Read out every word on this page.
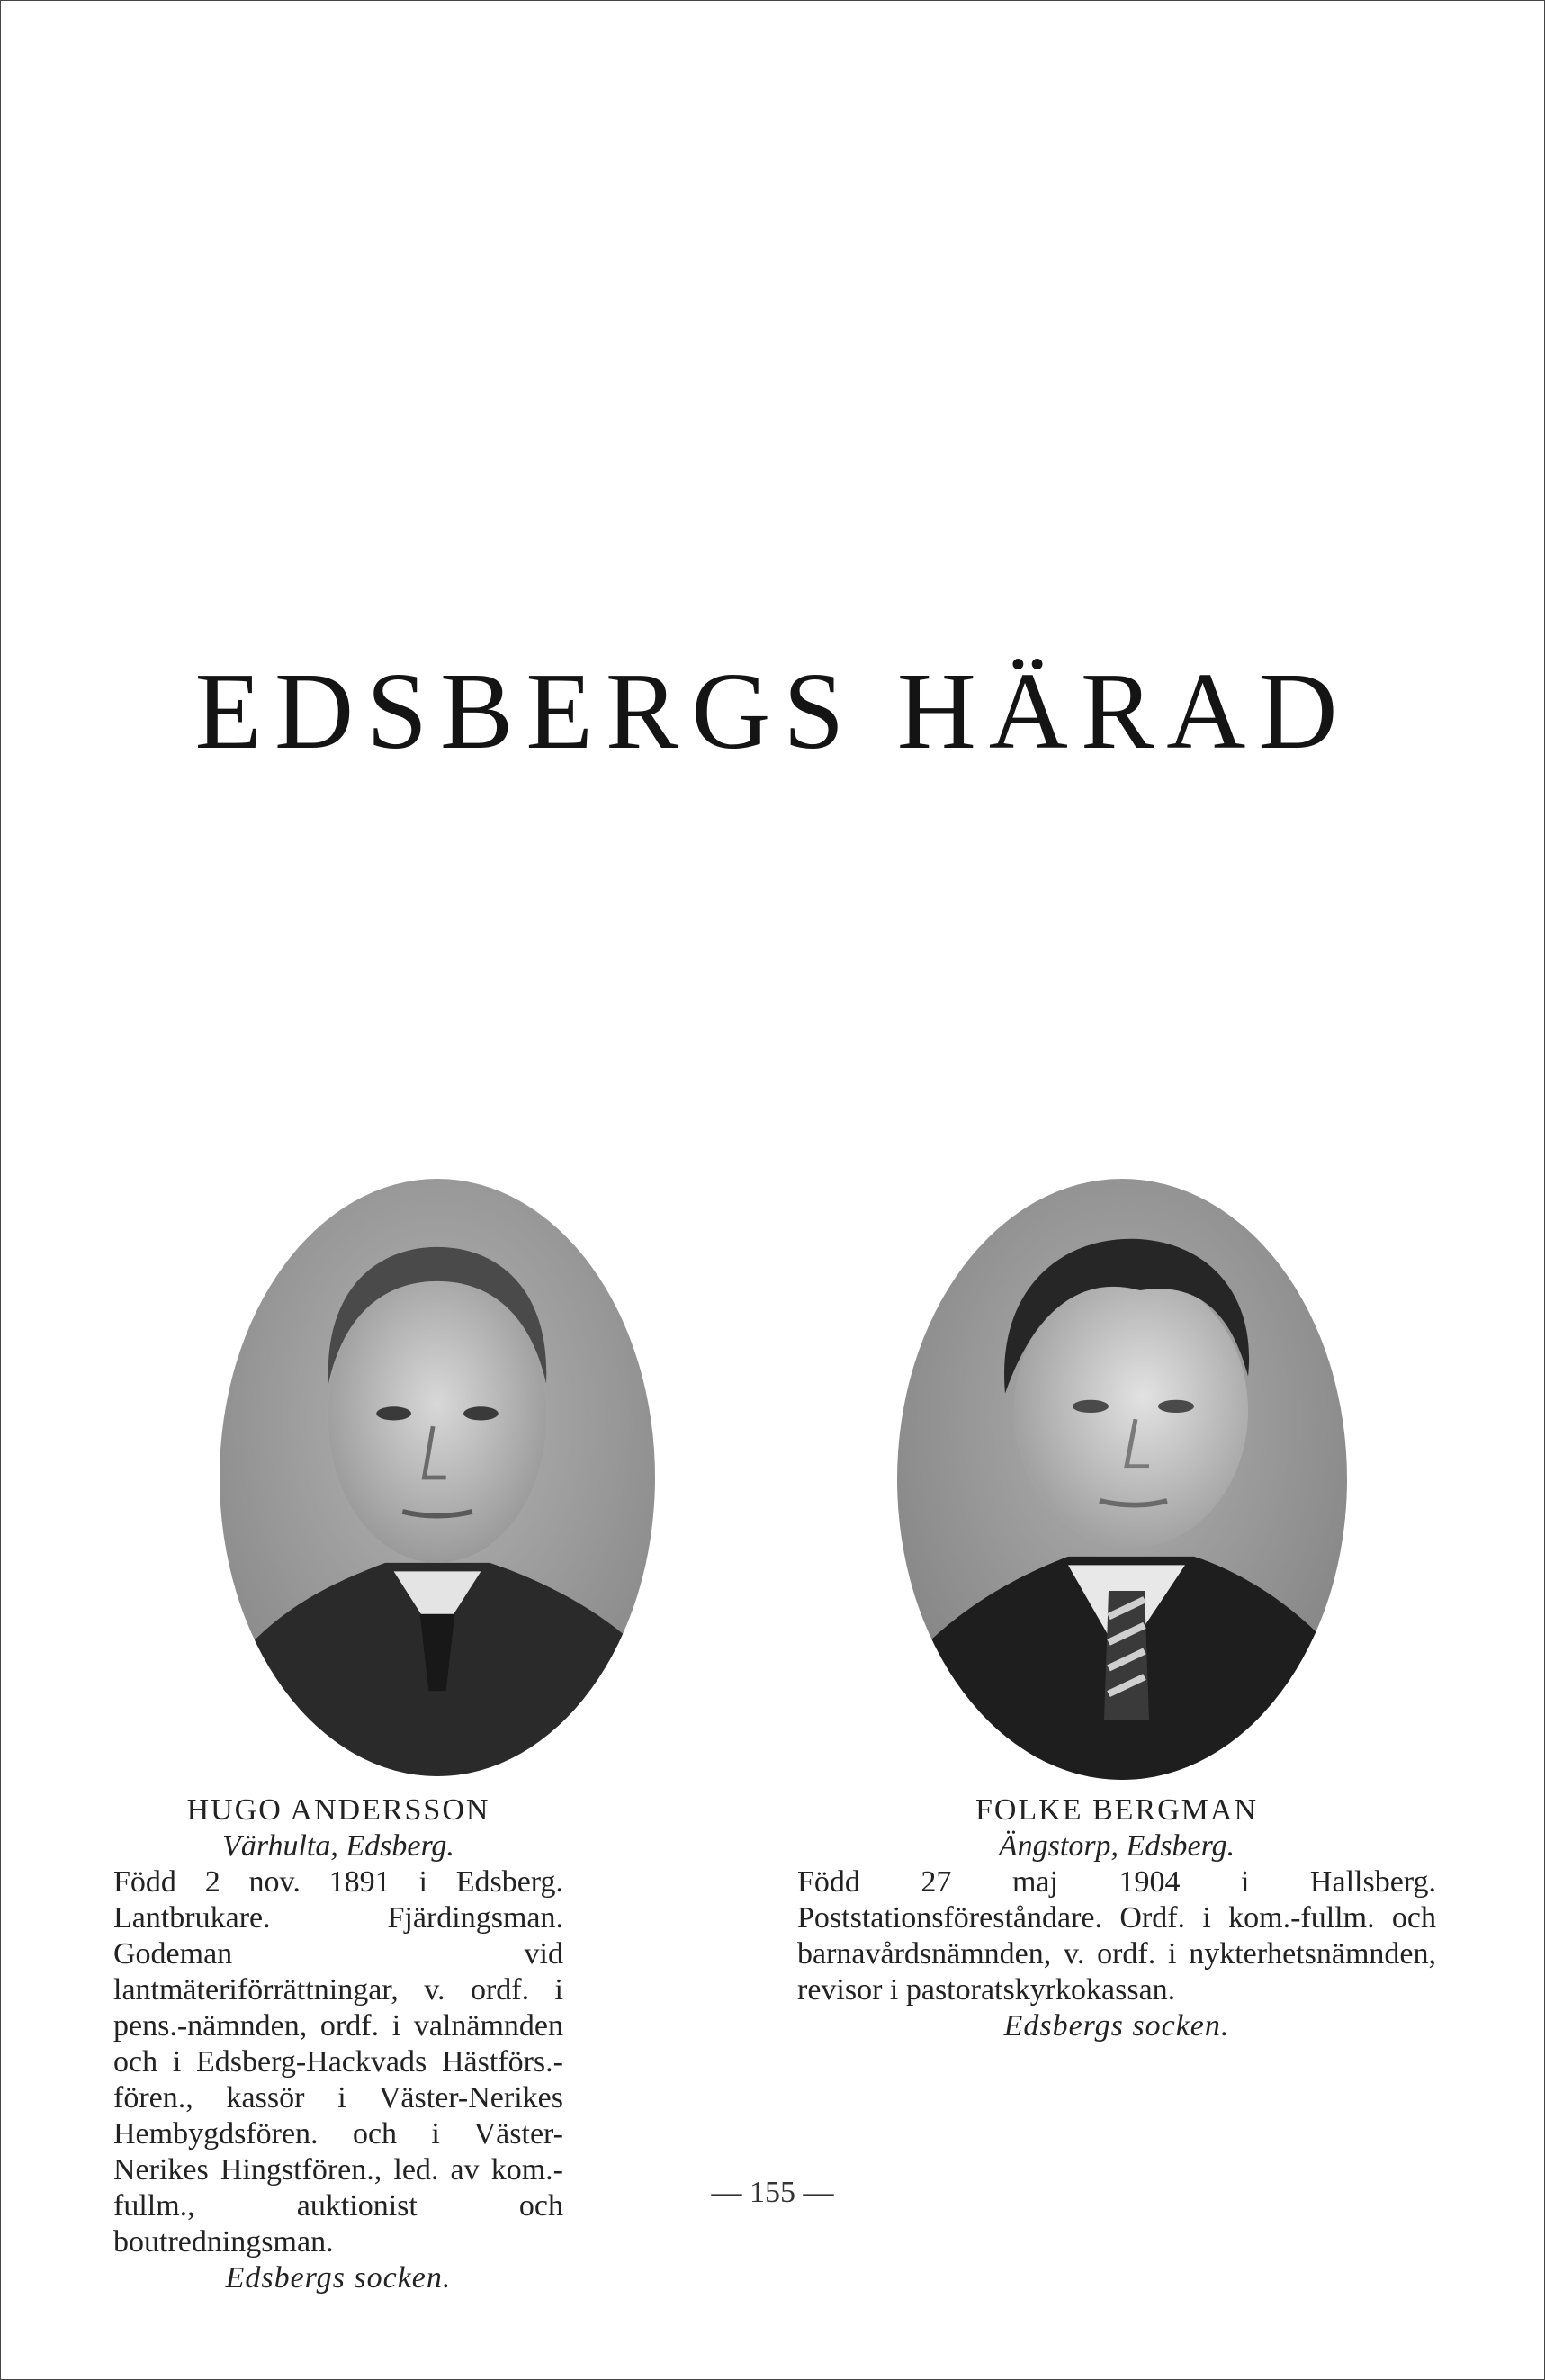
EDSBERGS HÄRAD
HUGO ANDERSSON
Värhulta, Edsberg.
Född 2 nov. 1891 i Edsberg. Lantbrukare. Fjärdingsman. Godeman vid lantmäteriförrättningar, v. ordf. i pens.-nämnden, ordf. i valnämnden och i Edsberg-Hackvads Hästförs.-fören., kassör i Väster-Nerikes Hembygdsfören. och i Väster-Nerikes Hingstfören., led. av kom.-fullm., auktionist och boutredningsman.
Edsbergs socken.
FOLKE BERGMAN
Ängstorp, Edsberg.
Född 27 maj 1904 i Hallsberg. Poststationsföreståndare. Ordf. i kom.-fullm. och barnavårdsnämnden, v. ordf. i nykterhetsnämnden, revisor i pastoratskyrkokassan.
Edsbergs socken.
— 155 —
